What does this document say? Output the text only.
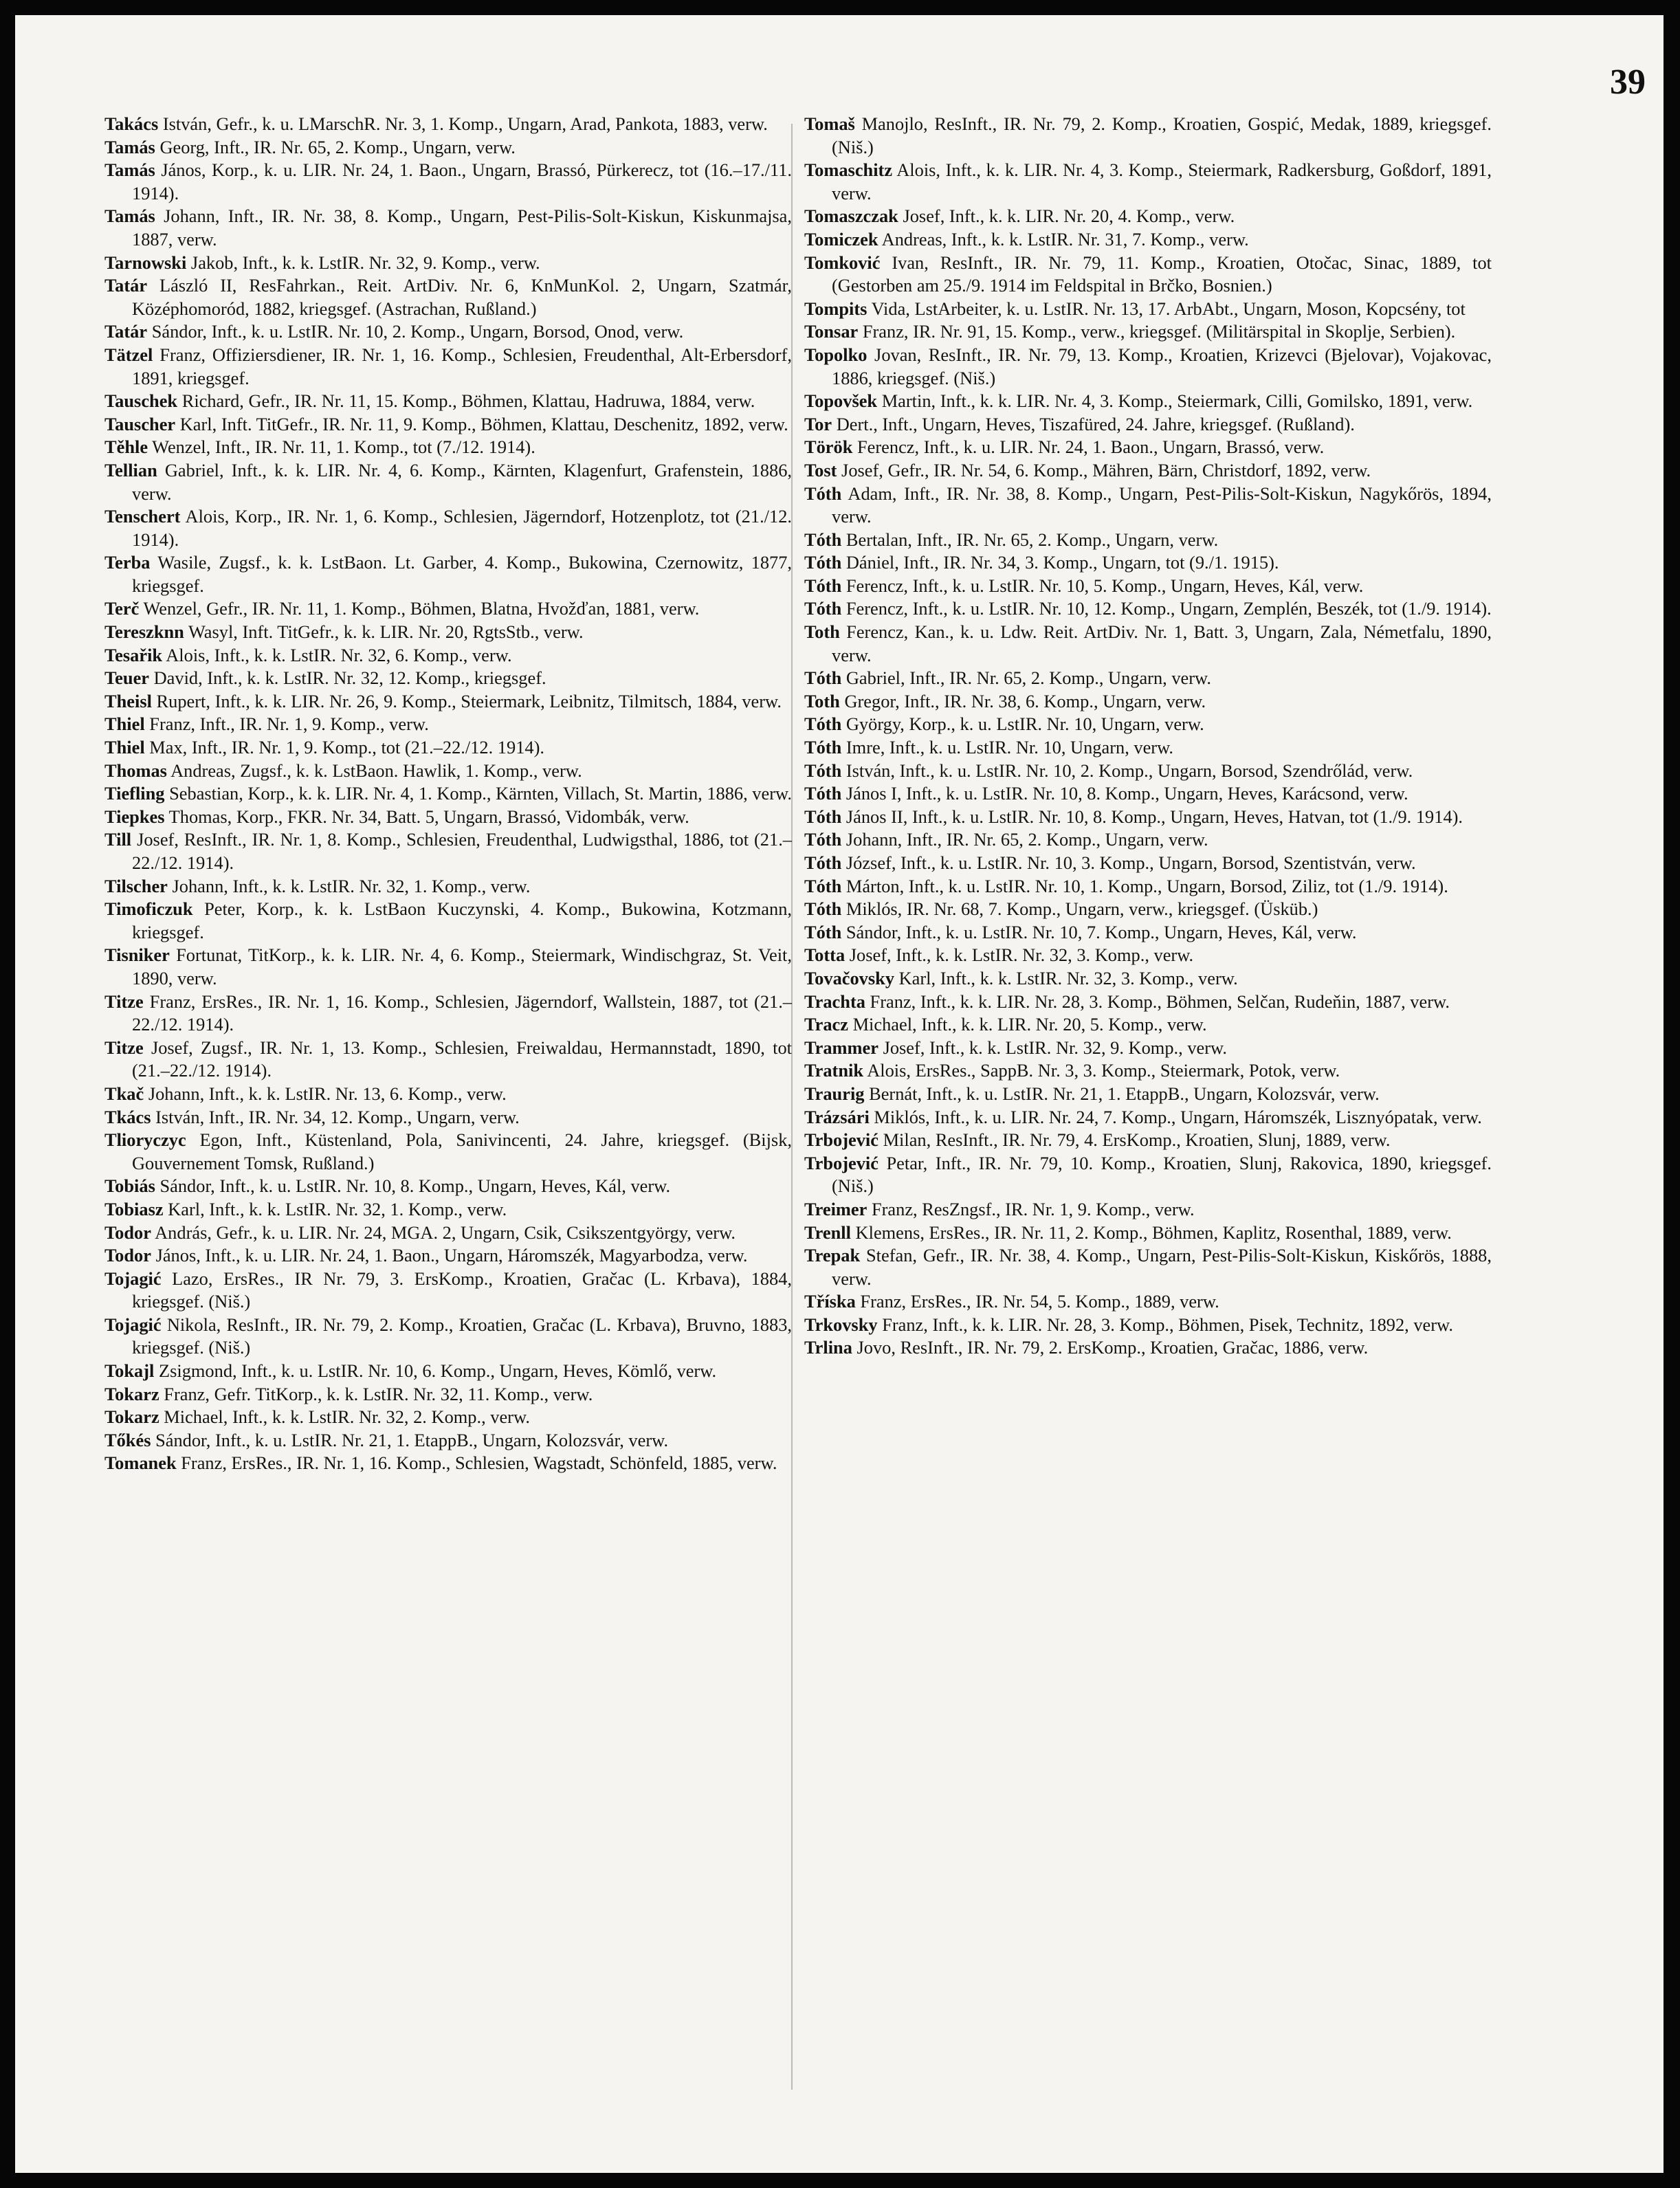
39

Takács István, Gefr., k. u. LMarschR. Nr. 3, 1. Komp., Ungarn, Arad, Pankota, 1883, verw.

Tamás Georg, Inft., IR. Nr. 65, 2. Komp., Ungarn, verw.

Tamás János, Korp., k. u. LIR. Nr. 24, 1. Baon., Ungarn, Brassó, Pürkerecz, tot (16.–17./11. 1914).

Tamás Johann, Inft., IR. Nr. 38, 8. Komp., Ungarn, Pest-Pilis-Solt-Kiskun, Kiskunmajsa, 1887, verw.

Tarnowski Jakob, Inft., k. k. LstIR. Nr. 32, 9. Komp., verw.

Tatár László II, ResFahrkan., Reit. ArtDiv. Nr. 6, KnMunKol. 2, Ungarn, Szatmár, Középhomoród, 1882, kriegsgef. (Astrachan, Rußland.)

Tatár Sándor, Inft., k. u. LstIR. Nr. 10, 2. Komp., Ungarn, Borsod, Onod, verw.

Tätzel Franz, Offiziersdiener, IR. Nr. 1, 16. Komp., Schlesien, Freudenthal, Alt-Erbersdorf, 1891, kriegsgef.

Tauschek Richard, Gefr., IR. Nr. 11, 15. Komp., Böhmen, Klattau, Hadruwa, 1884, verw.

Tauscher Karl, Inft. TitGefr., IR. Nr. 11, 9. Komp., Böhmen, Klattau, Deschenitz, 1892, verw.

Těhle Wenzel, Inft., IR. Nr. 11, 1. Komp., tot (7./12. 1914).

Tellian Gabriel, Inft., k. k. LIR. Nr. 4, 6. Komp., Kärnten, Klagenfurt, Grafenstein, 1886, verw.

Tenschert Alois, Korp., IR. Nr. 1, 6. Komp., Schlesien, Jägerndorf, Hotzenplotz, tot (21./12. 1914).

Terba Wasile, Zugsf., k. k. LstBaon. Lt. Garber, 4. Komp., Bukowina, Czernowitz, 1877, kriegsgef.

Terč Wenzel, Gefr., IR. Nr. 11, 1. Komp., Böhmen, Blatna, Hvožďan, 1881, verw.

Tereszknn Wasyl, Inft. TitGefr., k. k. LIR. Nr. 20, RgtsStb., verw.

Tesařik Alois, Inft., k. k. LstIR. Nr. 32, 6. Komp., verw.

Teuer David, Inft., k. k. LstIR. Nr. 32, 12. Komp., kriegsgef.

Theisl Rupert, Inft., k. k. LIR. Nr. 26, 9. Komp., Steiermark, Leibnitz, Tilmitsch, 1884, verw.

Thiel Franz, Inft., IR. Nr. 1, 9. Komp., verw.

Thiel Max, Inft., IR. Nr. 1, 9. Komp., tot (21.–22./12. 1914).

Thomas Andreas, Zugsf., k. k. LstBaon. Hawlik, 1. Komp., verw.

Tiefling Sebastian, Korp., k. k. LIR. Nr. 4, 1. Komp., Kärnten, Villach, St. Martin, 1886, verw.

Tiepkes Thomas, Korp., FKR. Nr. 34, Batt. 5, Ungarn, Brassó, Vidombák, verw.

Till Josef, ResInft., IR. Nr. 1, 8. Komp., Schlesien, Freudenthal, Ludwigsthal, 1886, tot (21.–22./12. 1914).

Tilscher Johann, Inft., k. k. LstIR. Nr. 32, 1. Komp., verw.

Timoficzuk Peter, Korp., k. k. LstBaon Kuczynski, 4. Komp., Bukowina, Kotzmann, kriegsgef.

Tisniker Fortunat, TitKorp., k. k. LIR. Nr. 4, 6. Komp., Steiermark, Windischgraz, St. Veit, 1890, verw.

Titze Franz, ErsRes., IR. Nr. 1, 16. Komp., Schlesien, Jägerndorf, Wallstein, 1887, tot (21.–22./12. 1914).

Titze Josef, Zugsf., IR. Nr. 1, 13. Komp., Schlesien, Freiwaldau, Hermannstadt, 1890, tot (21.–22./12. 1914).

Tkač Johann, Inft., k. k. LstIR. Nr. 13, 6. Komp., verw.

Tkács István, Inft., IR. Nr. 34, 12. Komp., Ungarn, verw.

Tlioryczyc Egon, Inft., Küstenland, Pola, Sanivincenti, 24. Jahre, kriegsgef. (Bijsk, Gouvernement Tomsk, Rußland.)

Tobiás Sándor, Inft., k. u. LstIR. Nr. 10, 8. Komp., Ungarn, Heves, Kál, verw.

Tobiasz Karl, Inft., k. k. LstIR. Nr. 32, 1. Komp., verw.

Todor András, Gefr., k. u. LIR. Nr. 24, MGA. 2, Ungarn, Csik, Csikszentgyörgy, verw.

Todor János, Inft., k. u. LIR. Nr. 24, 1. Baon., Ungarn, Háromszék, Magyarbodza, verw.

Tojagić Lazo, ErsRes., IR Nr. 79, 3. ErsKomp., Kroatien, Gračac (L. Krbava), 1884, kriegsgef. (Niš.)

Tojagić Nikola, ResInft., IR. Nr. 79, 2. Komp., Kroatien, Gračac (L. Krbava), Bruvno, 1883, kriegsgef. (Niš.)

Tokajl Zsigmond, Inft., k. u. LstIR. Nr. 10, 6. Komp., Ungarn, Heves, Kömlő, verw.

Tokarz Franz, Gefr. TitKorp., k. k. LstIR. Nr. 32, 11. Komp., verw.

Tokarz Michael, Inft., k. k. LstIR. Nr. 32, 2. Komp., verw.

Tőkés Sándor, Inft., k. u. LstIR. Nr. 21, 1. EtappB., Ungarn, Kolozsvár, verw.

Tomanek Franz, ErsRes., IR. Nr. 1, 16. Komp., Schlesien, Wagstadt, Schönfeld, 1885, verw.

Tomaš Manojlo, ResInft., IR. Nr. 79, 2. Komp., Kroatien, Gospić, Medak, 1889, kriegsgef. (Niš.)

Tomaschitz Alois, Inft., k. k. LIR. Nr. 4, 3. Komp., Steiermark, Radkersburg, Goßdorf, 1891, verw.

Tomaszczak Josef, Inft., k. k. LIR. Nr. 20, 4. Komp., verw.

Tomiczek Andreas, Inft., k. k. LstIR. Nr. 31, 7. Komp., verw.

Tomković Ivan, ResInft., IR. Nr. 79, 11. Komp., Kroatien, Otočac, Sinac, 1889, tot (Gestorben am 25./9. 1914 im Feldspital in Brčko, Bosnien.)

Tompits Vida, LstArbeiter, k. u. LstIR. Nr. 13, 17. ArbAbt., Ungarn, Moson, Kopcsény, tot

Tonsar Franz, IR. Nr. 91, 15. Komp., verw., kriegsgef. (Militärspital in Skoplje, Serbien).

Topolko Jovan, ResInft., IR. Nr. 79, 13. Komp., Kroatien, Krizevci (Bjelovar), Vojakovac, 1886, kriegsgef. (Niš.)

Topovšek Martin, Inft., k. k. LIR. Nr. 4, 3. Komp., Steiermark, Cilli, Gomilsko, 1891, verw.

Tor Dert., Inft., Ungarn, Heves, Tiszafüred, 24. Jahre, kriegsgef. (Rußland).

Török Ferencz, Inft., k. u. LIR. Nr. 24, 1. Baon., Ungarn, Brassó, verw.

Tost Josef, Gefr., IR. Nr. 54, 6. Komp., Mähren, Bärn, Christdorf, 1892, verw.

Tóth Adam, Inft., IR. Nr. 38, 8. Komp., Ungarn, Pest-Pilis-Solt-Kiskun, Nagykőrös, 1894, verw.

Tóth Bertalan, Inft., IR. Nr. 65, 2. Komp., Ungarn, verw.

Tóth Dániel, Inft., IR. Nr. 34, 3. Komp., Ungarn, tot (9./1. 1915).

Tóth Ferencz, Inft., k. u. LstIR. Nr. 10, 5. Komp., Ungarn, Heves, Kál, verw.

Tóth Ferencz, Inft., k. u. LstIR. Nr. 10, 12. Komp., Ungarn, Zemplén, Beszék, tot (1./9. 1914).

Toth Ferencz, Kan., k. u. Ldw. Reit. ArtDiv. Nr. 1, Batt. 3, Ungarn, Zala, Németfalu, 1890, verw.

Tóth Gabriel, Inft., IR. Nr. 65, 2. Komp., Ungarn, verw.

Toth Gregor, Inft., IR. Nr. 38, 6. Komp., Ungarn, verw.

Tóth György, Korp., k. u. LstIR. Nr. 10, Ungarn, verw.

Tóth Imre, Inft., k. u. LstIR. Nr. 10, Ungarn, verw.

Tóth István, Inft., k. u. LstIR. Nr. 10, 2. Komp., Ungarn, Borsod, Szendrőlád, verw.

Tóth János I, Inft., k. u. LstIR. Nr. 10, 8. Komp., Ungarn, Heves, Karácsond, verw.

Tóth János II, Inft., k. u. LstIR. Nr. 10, 8. Komp., Ungarn, Heves, Hatvan, tot (1./9. 1914).

Tóth Johann, Inft., IR. Nr. 65, 2. Komp., Ungarn, verw.

Tóth József, Inft., k. u. LstIR. Nr. 10, 3. Komp., Ungarn, Borsod, Szentistván, verw.

Tóth Márton, Inft., k. u. LstIR. Nr. 10, 1. Komp., Ungarn, Borsod, Ziliz, tot (1./9. 1914).

Tóth Miklós, IR. Nr. 68, 7. Komp., Ungarn, verw., kriegsgef. (Üsküb.)

Tóth Sándor, Inft., k. u. LstIR. Nr. 10, 7. Komp., Ungarn, Heves, Kál, verw.

Totta Josef, Inft., k. k. LstIR. Nr. 32, 3. Komp., verw.

Tovačovsky Karl, Inft., k. k. LstIR. Nr. 32, 3. Komp., verw.

Trachta Franz, Inft., k. k. LIR. Nr. 28, 3. Komp., Böhmen, Selčan, Rudeňin, 1887, verw.

Tracz Michael, Inft., k. k. LIR. Nr. 20, 5. Komp., verw.

Trammer Josef, Inft., k. k. LstIR. Nr. 32, 9. Komp., verw.

Tratnik Alois, ErsRes., SappB. Nr. 3, 3. Komp., Steiermark, Potok, verw.

Traurig Bernát, Inft., k. u. LstIR. Nr. 21, 1. EtappB., Ungarn, Kolozsvár, verw.

Trázsári Miklós, Inft., k. u. LIR. Nr. 24, 7. Komp., Ungarn, Háromszék, Lisznyópatak, verw.

Trbojević Milan, ResInft., IR. Nr. 79, 4. ErsKomp., Kroatien, Slunj, 1889, verw.

Trbojević Petar, Inft., IR. Nr. 79, 10. Komp., Kroatien, Slunj, Rakovica, 1890, kriegsgef. (Niš.)

Treimer Franz, ResZngsf., IR. Nr. 1, 9. Komp., verw.

Trenll Klemens, ErsRes., IR. Nr. 11, 2. Komp., Böhmen, Kaplitz, Rosenthal, 1889, verw.

Trepak Stefan, Gefr., IR. Nr. 38, 4. Komp., Ungarn, Pest-Pilis-Solt-Kiskun, Kiskőrös, 1888, verw.

Tříska Franz, ErsRes., IR. Nr. 54, 5. Komp., 1889, verw.

Trkovsky Franz, Inft., k. k. LIR. Nr. 28, 3. Komp., Böhmen, Pisek, Technitz, 1892, verw.

Trlina Jovo, ResInft., IR. Nr. 79, 2. ErsKomp., Kroatien, Gračac, 1886, verw.
